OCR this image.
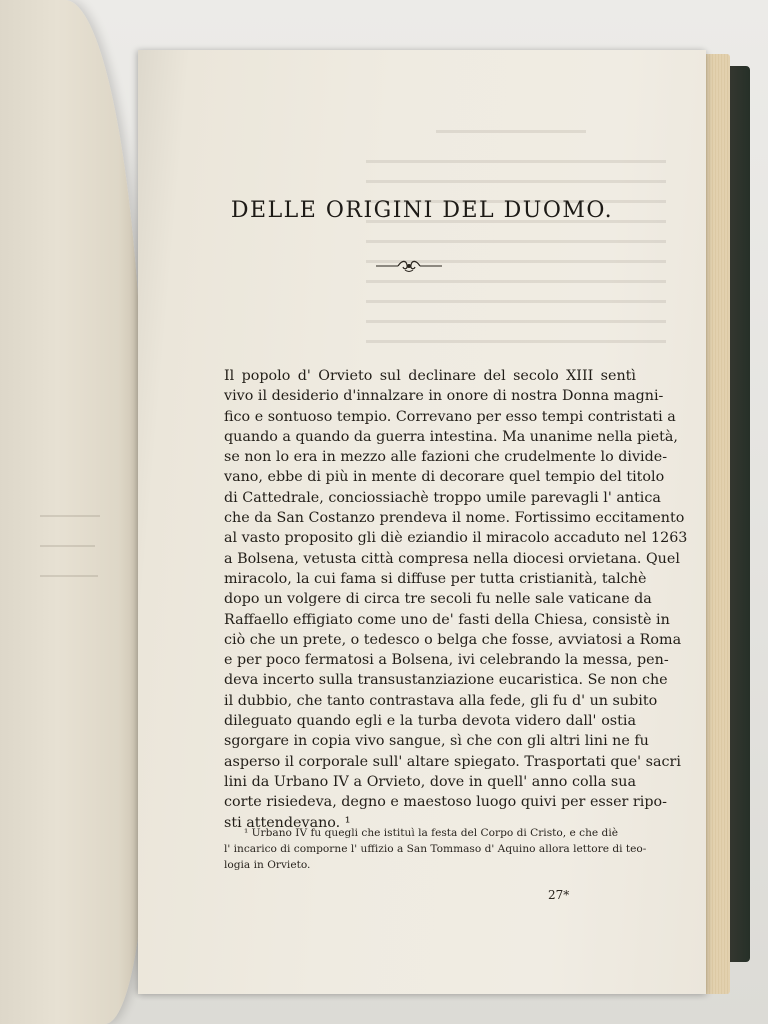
DELLE ORIGINI DEL DUOMO.
Il popolo d' Orvieto sul declinare del secolo XIII sentì
vivo il desiderio d'innalzare in onore di nostra Donna magni-
fico e sontuoso tempio. Correvano per esso tempi contristati a
quando a quando da guerra intestina. Ma unanime nella pietà,
se non lo era in mezzo alle fazioni che crudelmente lo divide-
vano, ebbe di più in mente di decorare quel tempio del titolo
di Cattedrale, conciossiachè troppo umile parevagli l' antica
che da San Costanzo prendeva il nome. Fortissimo eccitamento
al vasto proposito gli diè eziandio il miracolo accaduto nel 1263
a Bolsena, vetusta città compresa nella diocesi orvietana. Quel
miracolo, la cui fama si diffuse per tutta cristianità, talchè
dopo un volgere di circa tre secoli fu nelle sale vaticane da
Raffaello effigiato come uno de' fasti della Chiesa, consistè in
ciò che un prete, o tedesco o belga che fosse, avviatosi a Roma
e per poco fermatosi a Bolsena, ivi celebrando la messa, pen-
deva incerto sulla transustanziazione eucaristica. Se non che
il dubbio, che tanto contrastava alla fede, gli fu d' un subito
dileguato quando egli e la turba devota videro dall' ostia
sgorgare in copia vivo sangue, sì che con gli altri lini ne fu
asperso il corporale sull' altare spiegato. Trasportati que' sacri
lini da Urbano IV a Orvieto, dove in quell' anno colla sua
corte risiedeva, degno e maestoso luogo quivi per esser ripo-
sti attendevano. ¹
¹ Urbano IV fu quegli che istituì la festa del Corpo di Cristo, e che diè
l' incarico di comporne l' uffizio a San Tommaso d' Aquino allora lettore di teo-
logia in Orvieto.
27*
